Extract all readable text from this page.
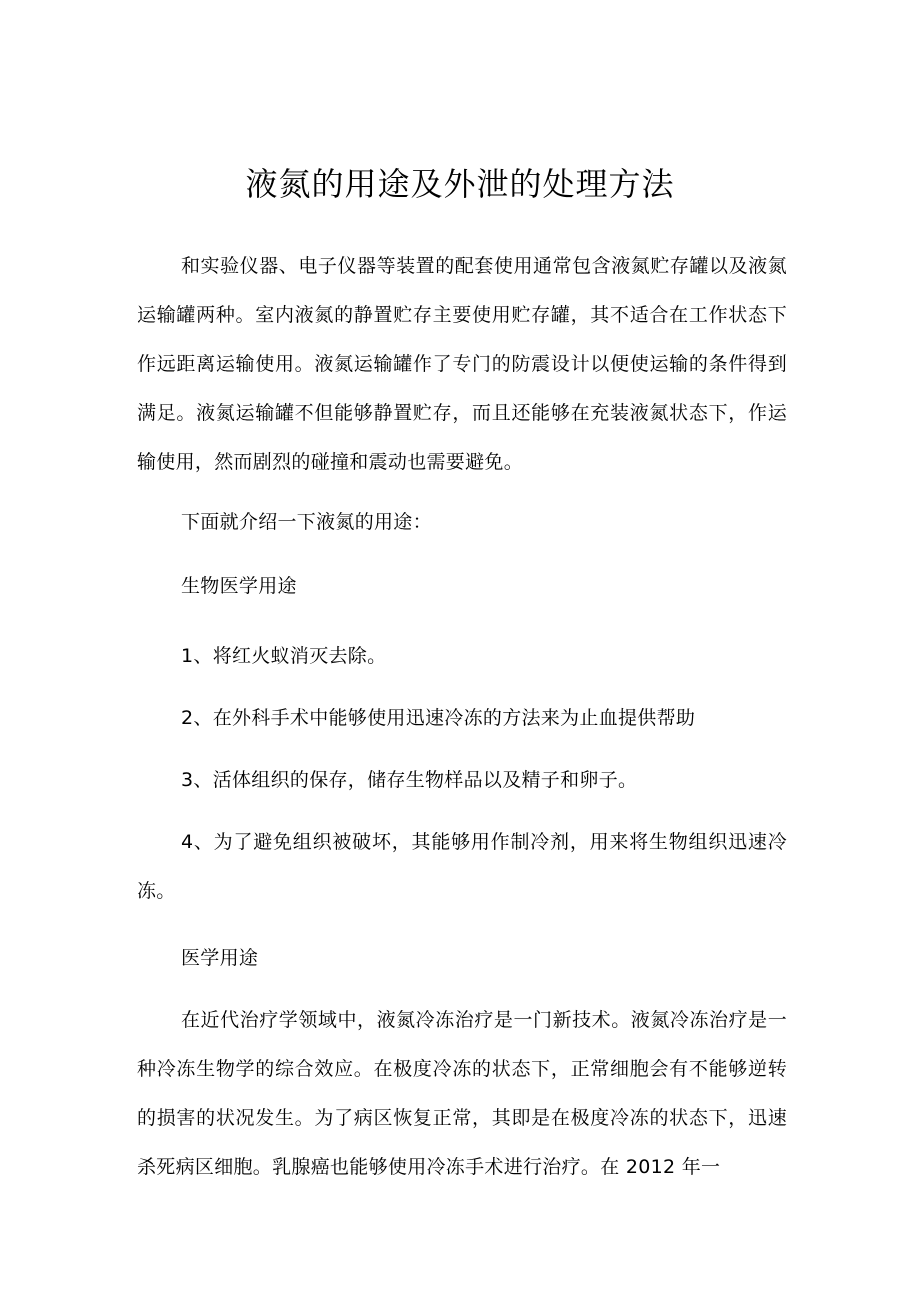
液氮的用途及外泄的处理方法

和实验仪器、电子仪器等装置的配套使用通常包含液氮贮存罐以及液氮运输罐两种。室内液氮的静置贮存主要使用贮存罐，其不适合在工作状态下作远距离运输使用。液氮运输罐作了专门的防震设计以便使运输的条件得到满足。液氮运输罐不但能够静置贮存，而且还能够在充装液氮状态下，作运输使用，然而剧烈的碰撞和震动也需要避免。

下面就介绍一下液氮的用途：

生物医学用途

1、将红火蚁消灭去除。

2、在外科手术中能够使用迅速冷冻的方法来为止血提供帮助

3、活体组织的保存，储存生物样品以及精子和卵子。

4、为了避免组织被破坏，其能够用作制冷剂，用来将生物组织迅速冷冻。

医学用途

在近代治疗学领域中，液氮冷冻治疗是一门新技术。液氮冷冻治疗是一种冷冻生物学的综合效应。在极度冷冻的状态下，正常细胞会有不能够逆转的损害的状况发生。为了病区恢复正常，其即是在极度冷冻的状态下，迅速杀死病区细胞。乳腺癌也能够使用冷冻手术进行治疗。在 2012 年一
